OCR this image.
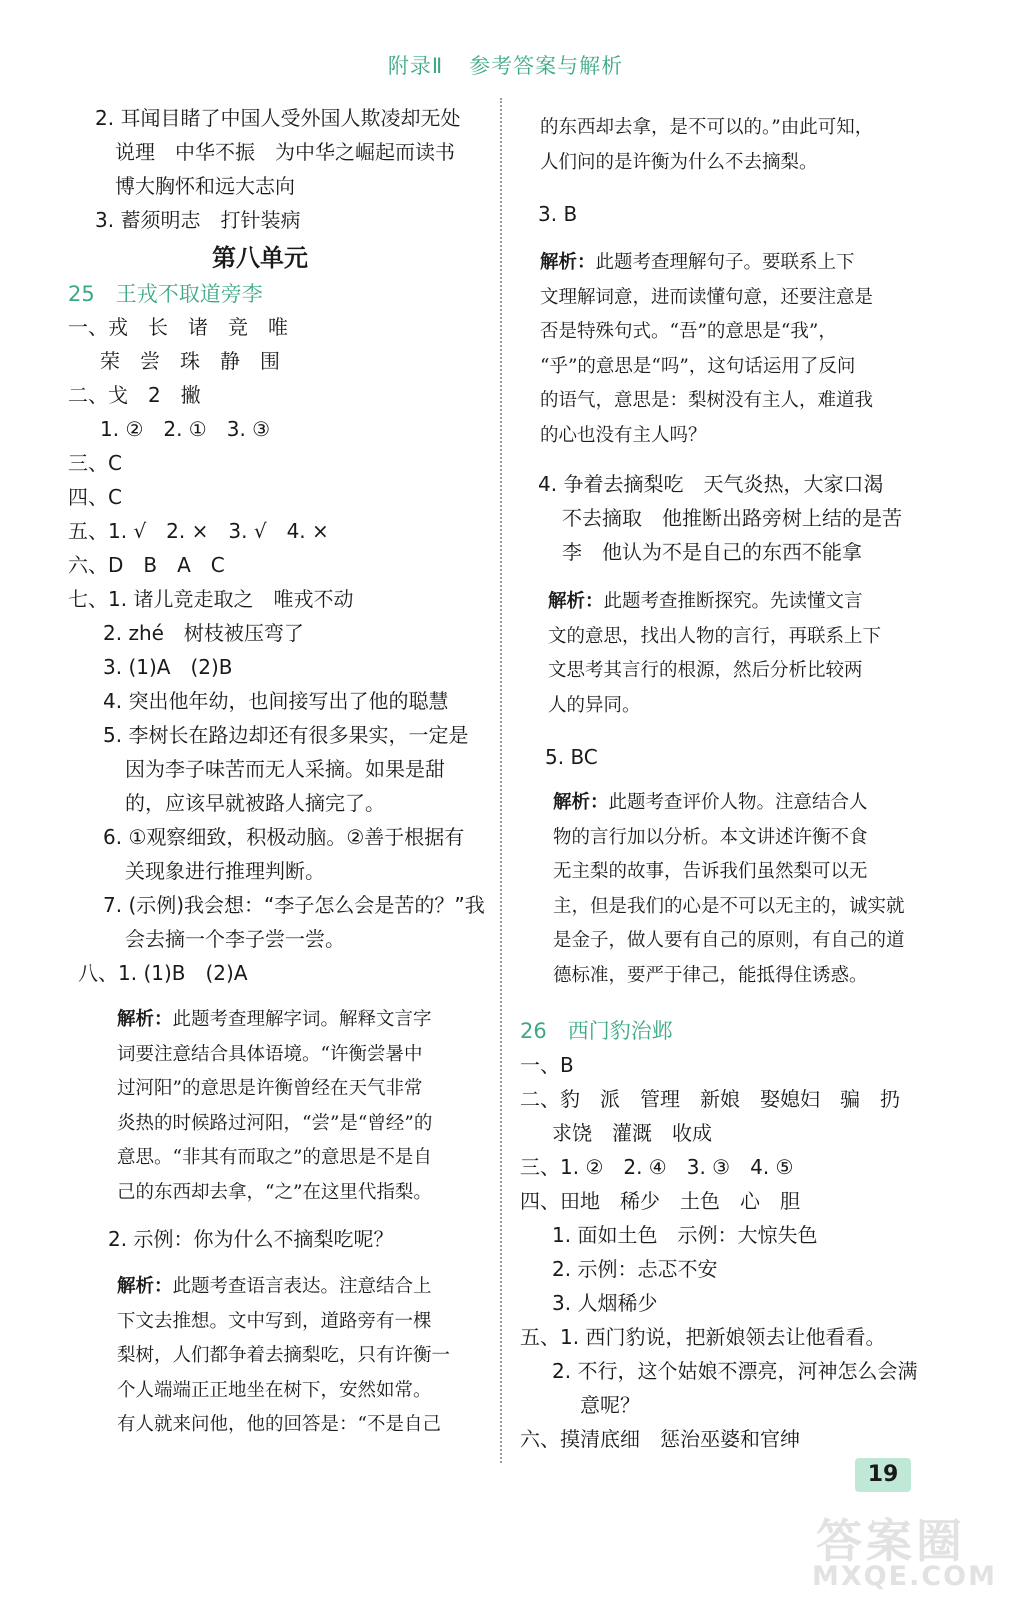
附录Ⅱ 参考答案与解析
2. 耳闻目睹了中国人受外国人欺凌却无处
说理　中华不振　为中华之崛起而读书
博大胸怀和远大志向
3. 蓄须明志　打针装病
第八单元
25　王戎不取道旁李
一、戎　长　诸　竞　唯
荣　尝　珠　静　围
二、戈　2　撇
1. ②　2. ①　3. ③
三、C
四、C
五、1. √　2. ×　3. √　4. ×
六、D　B　A　C
七、1. 诸儿竞走取之　唯戎不动
2. zhé　树枝被压弯了
3. (1)A　(2)B
4. 突出他年幼，也间接写出了他的聪慧
5. 李树长在路边却还有很多果实，一定是
因为李子味苦而无人采摘。如果是甜
的，应该早就被路人摘完了。
6. ①观察细致，积极动脑。②善于根据有
关现象进行推理判断。
7. (示例)我会想：“李子怎么会是苦的？”我
会去摘一个李子尝一尝。
八、1. (1)B　(2)A
解析：此题考查理解字词。解释文言字
词要注意结合具体语境。“许衡尝暑中
过河阳”的意思是许衡曾经在天气非常
炎热的时候路过河阳，“尝”是“曾经”的
意思。“非其有而取之”的意思是不是自
己的东西却去拿，“之”在这里代指梨。
2. 示例：你为什么不摘梨吃呢？
解析：此题考查语言表达。注意结合上
下文去推想。文中写到，道路旁有一棵
梨树，人们都争着去摘梨吃，只有许衡一
个人端端正正地坐在树下，安然如常。
有人就来问他，他的回答是：“不是自己
的东西却去拿，是不可以的。”由此可知，
人们问的是许衡为什么不去摘梨。
3. B
解析：此题考查理解句子。要联系上下
文理解词意，进而读懂句意，还要注意是
否是特殊句式。“吾”的意思是“我”，
“乎”的意思是“吗”，这句话运用了反问
的语气，意思是：梨树没有主人，难道我
的心也没有主人吗？
4. 争着去摘梨吃　天气炎热，大家口渴
不去摘取　他推断出路旁树上结的是苦
李　他认为不是自己的东西不能拿
解析：此题考查推断探究。先读懂文言
文的意思，找出人物的言行，再联系上下
文思考其言行的根源，然后分析比较两
人的异同。
5. BC
解析：此题考查评价人物。注意结合人
物的言行加以分析。本文讲述许衡不食
无主梨的故事，告诉我们虽然梨可以无
主，但是我们的心是不可以无主的，诚实就
是金子，做人要有自己的原则，有自己的道
德标准，要严于律己，能抵得住诱惑。
26　西门豹治邺
一、B
二、豹　派　管理　新娘　娶媳妇　骗　扔
求饶　灌溉　收成
三、1. ②　2. ④　3. ③　4. ⑤
四、田地　稀少　土色　心　胆
1. 面如土色　示例：大惊失色
2. 示例：忐忑不安
3. 人烟稀少
五、1. 西门豹说，把新娘领去让他看看。
2. 不行，这个姑娘不漂亮，河神怎么会满
意呢？
六、摸清底细　惩治巫婆和官绅
19
答案圈
MXQE.COM
